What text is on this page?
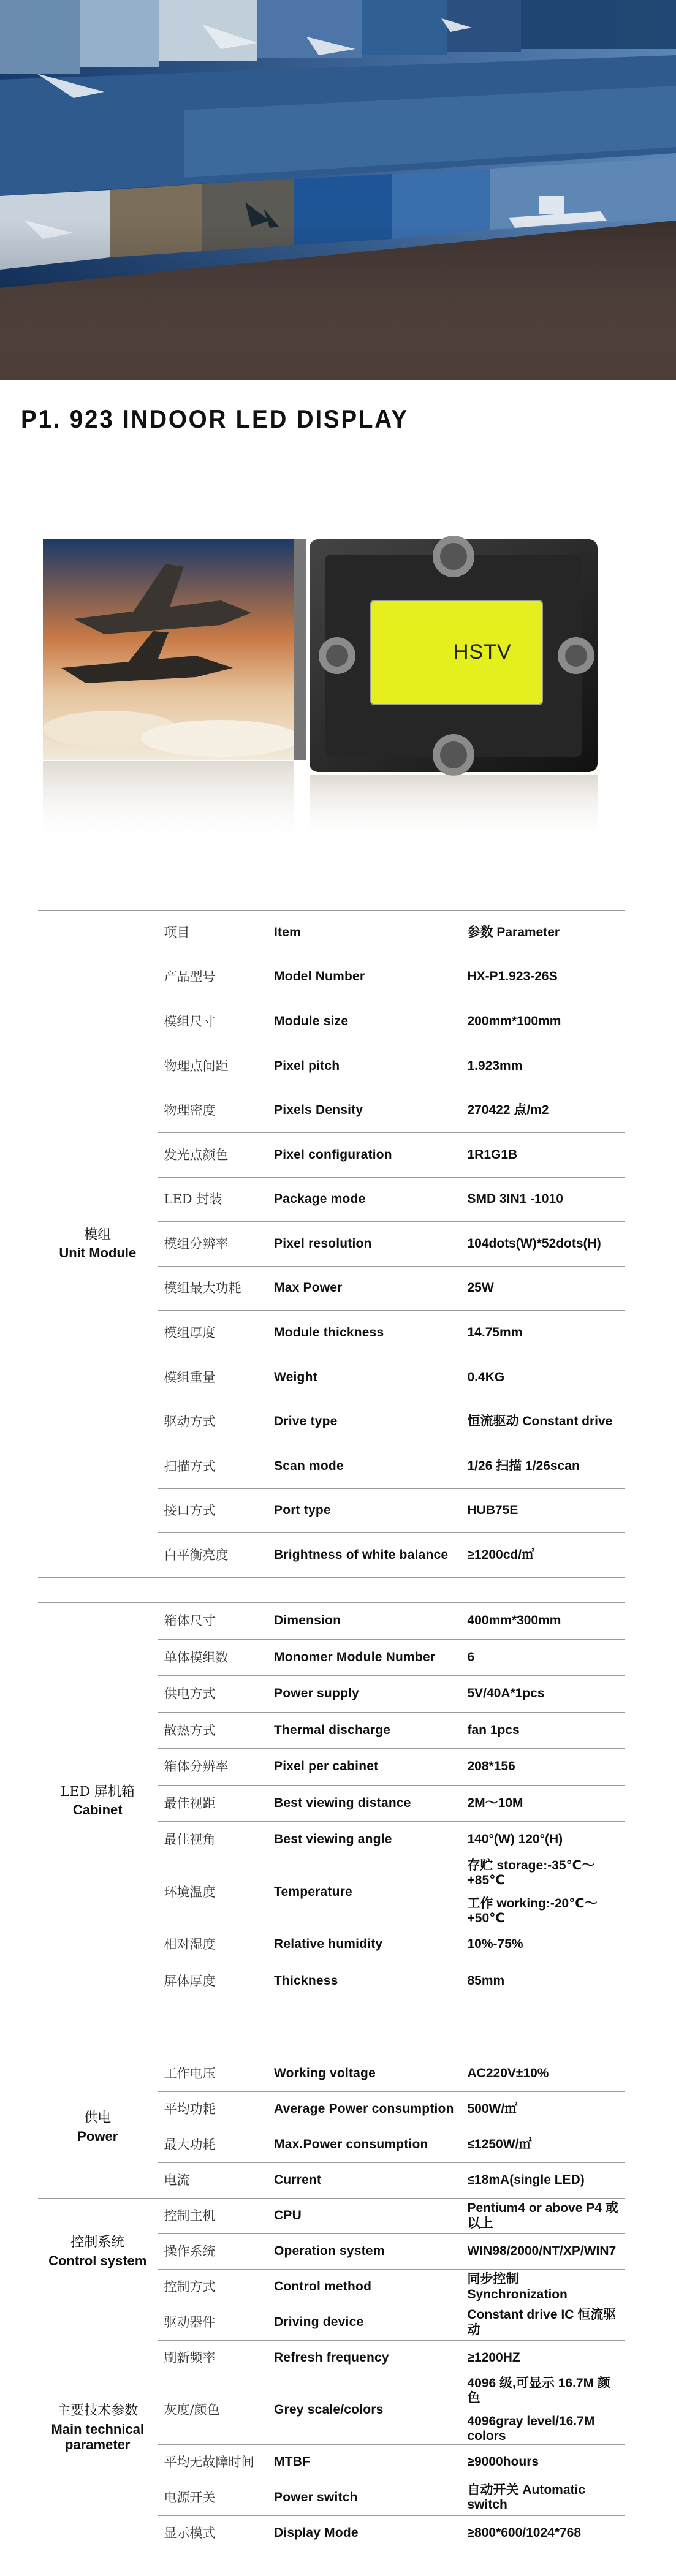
P1. 923 INDOOR LED DISPLAY
HSTV
模组
Unit Module	项目	Item	参数 Parameter

	产品型号	Model Number	HX-P1.923-26S

	模组尺寸	Module size	200mm*100mm

	物理点间距	Pixel pitch	1.923mm

	物理密度	Pixels Density	270422 点/m2

	发光点颜色	Pixel configuration	1R1G1B

	LED 封装	Package mode	SMD 3IN1 -1010

	模组分辨率	Pixel resolution	104dots(W)*52dots(H)

	模组最大功耗	Max Power	25W

	模组厚度	Module thickness	14.75mm

	模组重量	Weight	0.4KG

	驱动方式	Drive type	恒流驱动 Constant drive

	扫描方式	Scan mode	1/26 扫描 1/26scan

	接口方式	Port type	HUB75E

	白平衡亮度	Brightness of white balance	≥1200cd/㎡
LED 屏机箱
Cabinet	箱体尺寸	Dimension	400mm*300mm

	单体模组数	Monomer Module Number	6

	供电方式	Power supply	5V/40A*1pcs

	散热方式	Thermal discharge	fan 1pcs

	箱体分辨率	Pixel per cabinet	208*156

	最佳视距	Best viewing distance	2M～10M

	最佳视角	Best viewing angle	140°(W) 120°(H)

	环境温度	Temperature	存贮 storage:-35℃～+85℃
工作 working:-20℃～+50℃

	相对湿度	Relative humidity	10%-75%

	屏体厚度	Thickness	85mm
供电
Power	工作电压	Working voltage	AC220V±10%

	平均功耗	Average Power consumption	500W/㎡

	最大功耗	Max.Power consumption	≤1250W/㎡

	电流	Current	≤18mA(single LED)

控制系统
Control system	控制主机	CPU	Pentium4 or above P4 或以上

	操作系统	Operation system	WIN98/2000/NT/XP/WIN7

	控制方式	Control method	同步控制 Synchronization

主要技术参数
Main technical parameter	驱动器件	Driving device	Constant drive IC 恒流驱动

	刷新频率	Refresh frequency	≥1200HZ

	灰度/颜色	Grey scale/colors	4096 级,可显示 16.7M 颜色
4096gray level/16.7M colors

	平均无故障时间	MTBF	≥9000hours

	电源开关	Power switch	自动开关 Automatic switch

	显示模式	Display Mode	≥800*600/1024*768
